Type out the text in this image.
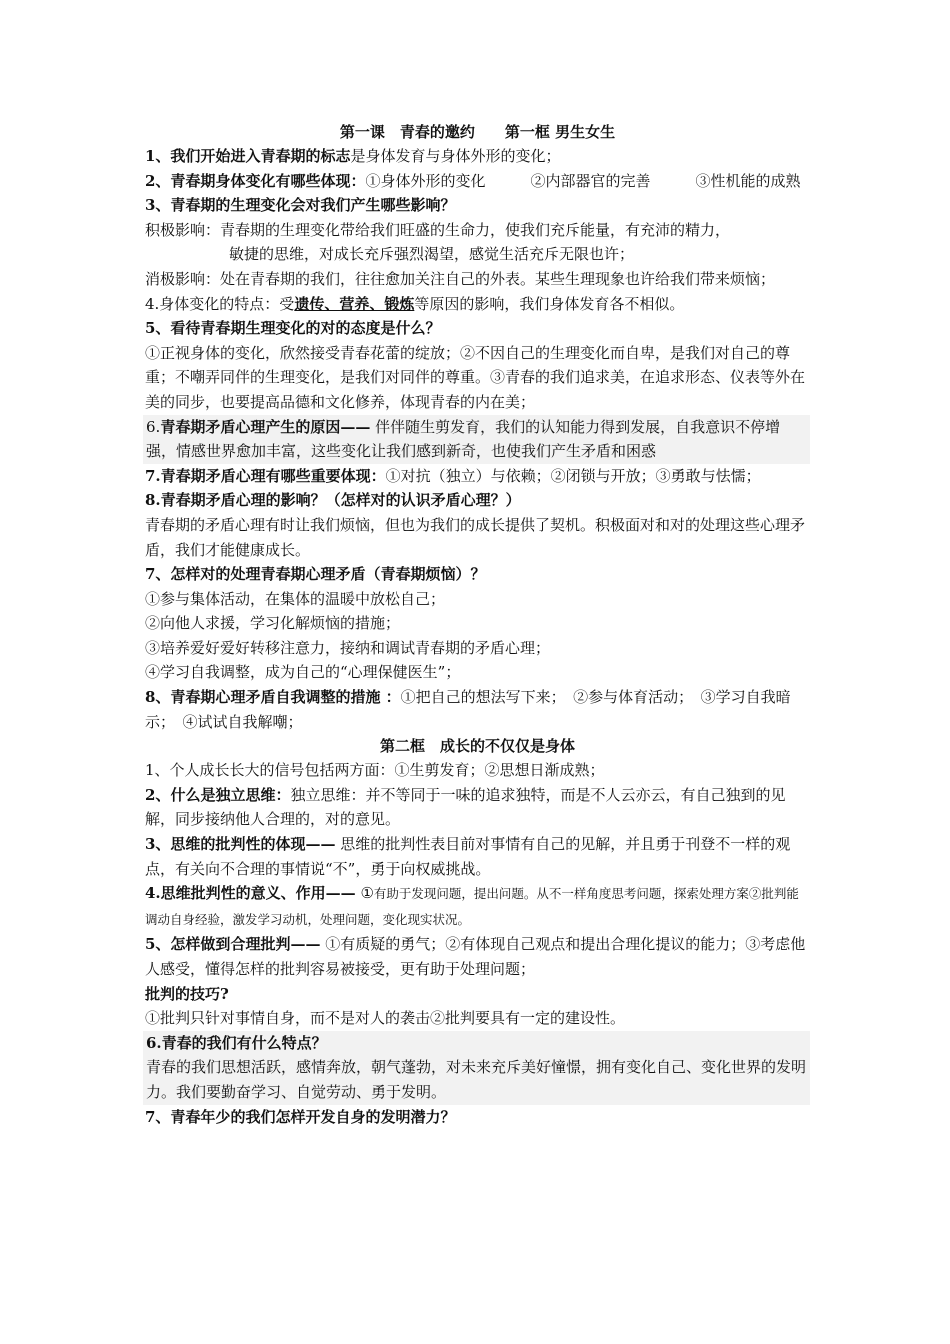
第一课　青春的邀约　　第一框 男生女生

1、我们开始进入青春期的标志是身体发育与身体外形的变化；

2、青春期身体变化有哪些体现：①身体外形的变化　　　②内部器官的完善　　　③性机能的成熟

3、青春期的生理变化会对我们产生哪些影响？

积极影响：青春期的生理变化带给我们旺盛的生命力，使我们充斥能量，有充沛的精力，

敏捷的思维，对成长充斥强烈渴望，感觉生活充斥无限也许；

消极影响：处在青春期的我们，往往愈加关注自己的外表。某些生理现象也许给我们带来烦恼；

4.身体变化的特点：受遗传、营养、锻炼等原因的影响，我们身体发育各不相似。

5、看待青春期生理变化的对的态度是什么？

①正视身体的变化，欣然接受青春花蕾的绽放；②不因自己的生理变化而自卑，是我们对自己的尊重；不嘲弄同伴的生理变化，是我们对同伴的尊重。③青春的我们追求美，在追求形态、仪表等外在美的同步，也要提高品德和文化修养，体现青春的内在美；

6.青春期矛盾心理产生的原因—— 伴伴随生剪发育，我们的认知能力得到发展，自我意识不停增强，情感世界愈加丰富，这些变化让我们感到新奇，也使我们产生矛盾和困惑

7.青春期矛盾心理有哪些重要体现：①对抗（独立）与依赖；②闭锁与开放；③勇敢与怯懦；

8.青春期矛盾心理的影响？（怎样对的认识矛盾心理？）

青春期的矛盾心理有时让我们烦恼，但也为我们的成长提供了契机。积极面对和对的处理这些心理矛盾，我们才能健康成长。

7、怎样对的处理青春期心理矛盾（青春期烦恼）？

①参与集体活动，在集体的温暖中放松自己；

②向他人求援，学习化解烦恼的措施；

③培养爱好爱好转移注意力，接纳和调试青春期的矛盾心理；

④学习自我调整，成为自己的“心理保健医生”；

8、青春期心理矛盾自我调整的措施 ：①把自己的想法写下来；　②参与体育活动；　③学习自我暗示；　④试试自我解嘲；

第二框　成长的不仅仅是身体

1、个人成长长大的信号包括两方面：①生剪发育；②思想日渐成熟；

2、什么是独立思维：独立思维：并不等同于一味的追求独特，而是不人云亦云，有自己独到的见解，同步接纳他人合理的，对的意见。

3、思维的批判性的体现—— 思维的批判性表目前对事情有自己的见解，并且勇于刊登不一样的观点，有关向不合理的事情说“不”，勇于向权威挑战。

4.思维批判性的意义、作用—— ①有助于发现问题，提出问题。从不一样角度思考问题，探索处理方案②批判能调动自身经验，激发学习动机，处理问题，变化现实状况。

5、怎样做到合理批判—— ①有质疑的勇气；②有体现自己观点和提出合理化提议的能力；③考虑他人感受，懂得怎样的批判容易被接受，更有助于处理问题；

批判的技巧?

①批判只针对事情自身，而不是对人的袭击②批判要具有一定的建设性。

6.青春的我们有什么特点？

青春的我们思想活跃，感情奔放，朝气蓬勃，对未来充斥美好憧憬，拥有变化自己、变化世界的发明力。我们要勤奋学习、自觉劳动、勇于发明。

7、青春年少的我们怎样开发自身的发明潜力？
